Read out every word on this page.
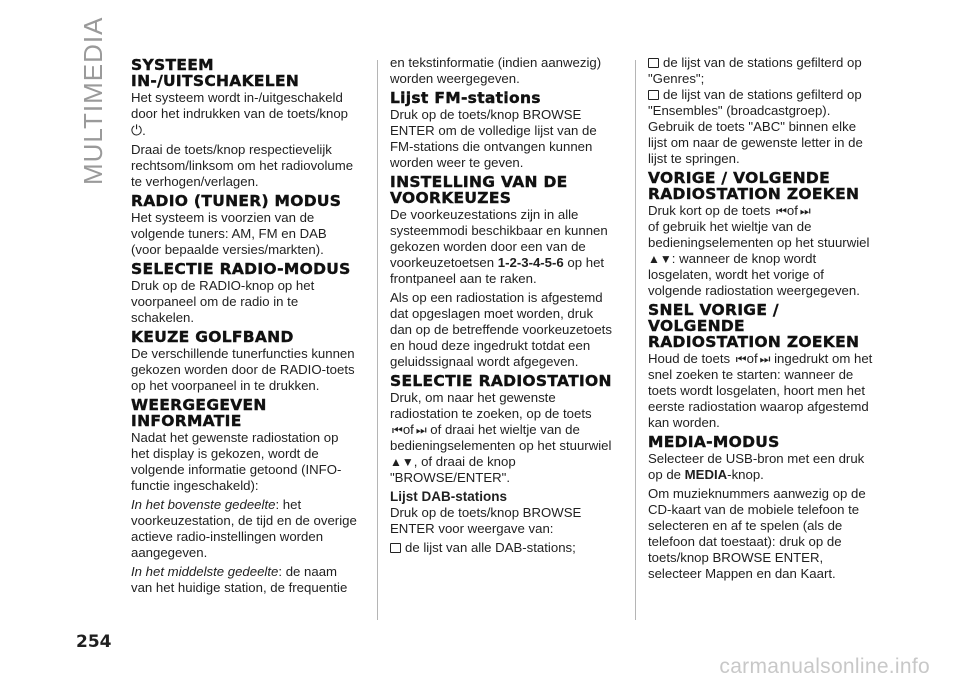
MULTIMEDIA SYSTEEM IN-/UITSCHAKELEN

Het systeem wordt in-/uitgeschakeld door het indrukken van de toets/knop
⏻.

Draai de toets/knop respectievelijk rechtsom/linksom om het radiovolume te verhogen/verlagen.

RADIO (TUNER) MODUS

Het systeem is voorzien van de volgende tuners: AM, FM en DAB (voor bepaalde versies/markten).

SELECTIE RADIO-MODUS

Druk op de RADIO-knop op het voorpaneel om de radio in te schakelen.

KEUZE GOLFBAND

De verschillende tunerfuncties kunnen gekozen worden door de RADIO-toets op het voorpaneel in te drukken.

WEERGEGEVEN INFORMATIE

Nadat het gewenste radiostation op het display is gekozen, wordt de volgende informatie getoond (INFO-functie ingeschakeld):

In het bovenste gedeelte: het voorkeuzestation, de tijd en de overige actieve radio-instellingen worden aangegeven.

In het middelste gedeelte: de naam van het huidige station, de frequentie

en tekstinformatie (indien aanwezig) worden weergegeven.

Lijst FM-stations

Druk op de toets/knop BROWSE ENTER om de volledige lijst van de FM-stations die ontvangen kunnen worden weer te geven.

INSTELLING VAN DE VOORKEUZES

De voorkeuzestations zijn in alle systeemmodi beschikbaar en kunnen gekozen worden door een van de voorkeuzetoetsen 1-2-3-4-5-6 op het frontpaneel aan te raken.

Als op een radiostation is afgestemd dat opgeslagen moet worden, druk dan op de betreffende voorkeuzetoets en houd deze ingedrukt totdat een geluidssignaal wordt afgegeven.

SELECTIE RADIOSTATION

Druk, om naar het gewenste radiostation te zoeken, op de toets
⏮ of ⏭ of draai het wieltje van de bedieningselementen op het stuurwiel ▲▼, of draai de knop "BROWSE/ENTER".

Lijst DAB-stations

Druk op de toets/knop BROWSE ENTER voor weergave van:

de lijst van alle DAB-stations;
de lijst van de stations gefilterd op "Genres";
de lijst van de stations gefilterd op "Ensembles" (broadcastgroep).

Gebruik de toets "ABC" binnen elke lijst om naar de gewenste letter in de lijst te springen.

VORIGE / VOLGENDE RADIOSTATION ZOEKEN

Druk kort op de toets ⏮ of ⏭
of gebruik het wieltje van de bedieningselementen op het stuurwiel
▲▼: wanneer de knop wordt losgelaten, wordt het vorige of volgende radiostation weergegeven.

SNEL VORIGE / VOLGENDE RADIOSTATION ZOEKEN

Houd de toets ⏮ of ⏭ ingedrukt om het snel zoeken te starten: wanneer de toets wordt losgelaten, hoort men het eerste radiostation waarop afgestemd kan worden.

MEDIA-MODUS

Selecteer de USB-bron met een druk op de MEDIA-knop.

Om muzieknummers aanwezig op de CD-kaart van de mobiele telefoon te selecteren en af te spelen (als de telefoon dat toestaat): druk op de toets/knop BROWSE ENTER, selecteer Mappen en dan Kaart.

254
carmanualsonline.info
